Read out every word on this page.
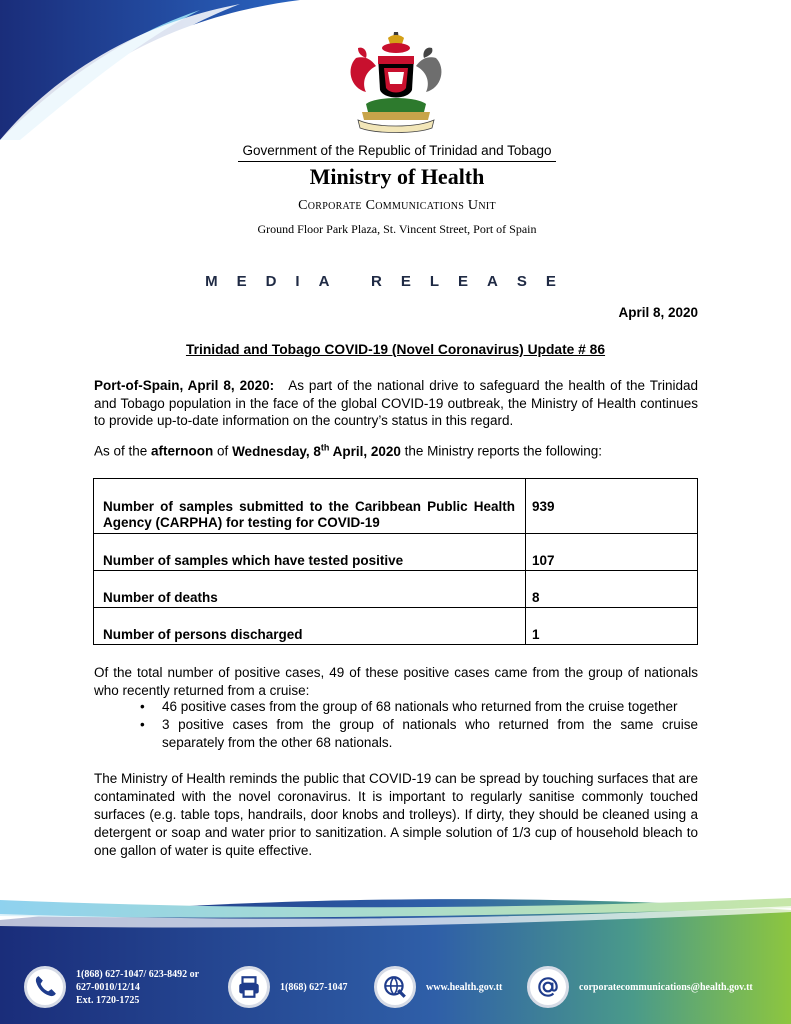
Government of the Republic of Trinidad and Tobago
Ministry of Health
Corporate Communications Unit
Ground Floor Park Plaza, St. Vincent Street, Port of Spain
MEDIA RELEASE
April 8, 2020
Trinidad and Tobago COVID-19 (Novel Coronavirus) Update # 86
Port-of-Spain, April 8, 2020: As part of the national drive to safeguard the health of the Trinidad and Tobago population in the face of the global COVID-19 outbreak, the Ministry of Health continues to provide up-to-date information on the country’s status in this regard.
As of the afternoon of Wednesday, 8th April, 2020 the Ministry reports the following:
Number of samples submitted to the Caribbean Public Health Agency (CARPHA) for testing for COVID-19	939
Number of samples which have tested positive	107
Number of deaths	8
Number of persons discharged	1
Of the total number of positive cases, 49 of these positive cases came from the group of nationals who recently returned from a cruise:
• 46 positive cases from the group of 68 nationals who returned from the cruise together
• 3 positive cases from the group of nationals who returned from the same cruise separately from the other 68 nationals.
The Ministry of Health reminds the public that COVID-19 can be spread by touching surfaces that are contaminated with the novel coronavirus. It is important to regularly sanitise commonly touched surfaces (e.g. table tops, handrails, door knobs and trolleys). If dirty, they should be cleaned using a detergent or soap and water prior to sanitization. A simple solution of 1/3 cup of household bleach to one gallon of water is quite effective.
1(868) 627-1047/ 623-8492 or
627-0010/12/14
Ext. 1720-1725
1(868) 627-1047	www.health.gov.tt	corporatecommunications@health.gov.tt
